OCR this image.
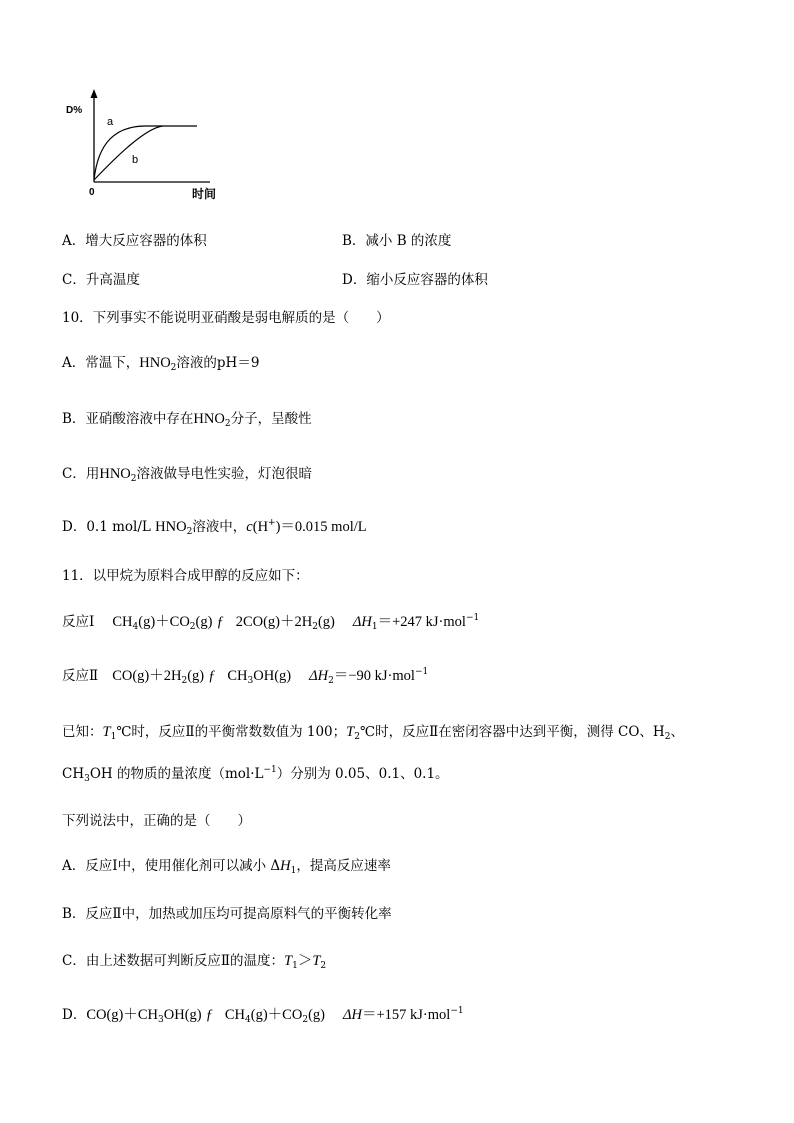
D%
0	时间
a
b
A．增大反应容器的体积	B．减小 B 的浓度
C．升高温度	D．缩小反应容器的体积
10．下列事实不能说明亚硝酸是弱电解质的是（　　）
A．常温下，$HNO_2$溶液的pH＝9
B．亚硝酸溶液中存在$HNO_2$分子，呈酸性
C．用$HNO_2$溶液做导电性实验，灯泡很暗
D．0.1 mol/L $HNO_2$溶液中，c(H+)＝0.015 mol/L
11．以甲烷为原料合成甲醇的反应如下：
反应Ⅰ $CH_4(g)+CO_2(g)$ ƒ $2CO(g)+2H_2(g)$ $\Delta H_1=+247$ kJ·mol$^{-1}$
反应Ⅱ $CO(g)+2H_2(g)$ ƒ $CH_3OH(g)$ $\Delta H_2=-90$ kJ·mol$^{-1}$
已知：$T_1℃$时，反应Ⅱ的平衡常数数值为 100；$T_2℃$时，反应Ⅱ在密闭容器中达到平衡，测得 CO、$H_2$、
$CH_3OH$ 的物质的量浓度$(mol\cdot L^{-1})$分别为 0.05、0.1、0.1。
下列说法中，正确的是（　　）
A．反应Ⅰ中，使用催化剂可以减小 $\Delta H_1$，提高反应速率
B．反应Ⅱ中，加热或加压均可提高原料气的平衡转化率
C．由上述数据可判断反应Ⅱ的温度：$T_1>T_2$
D．$CO(g)+CH_3OH(g)$ ƒ $CH_4(g)+CO_2(g)$ ΔH＝+157 kJ·mol$^{-1}$
